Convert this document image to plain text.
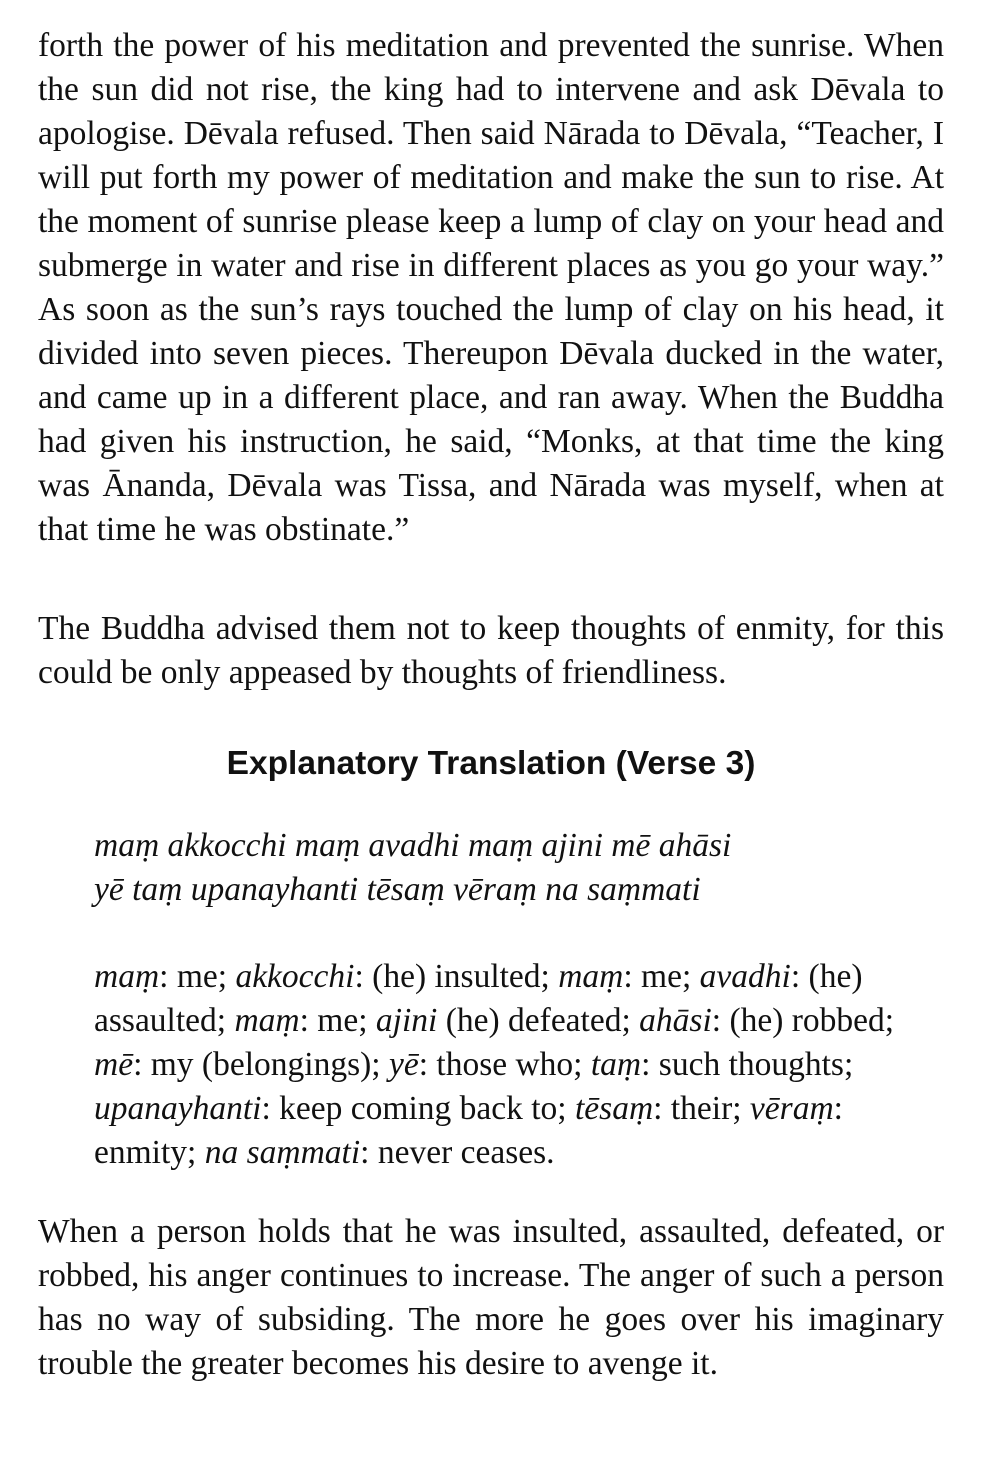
forth the power of his meditation and prevented the sunrise. When the sun did not rise, the king had to intervene and ask Dēvala to apologise. Dēvala refused. Then said Nārada to Dēvala, “Teacher, I will put forth my power of meditation and make the sun to rise. At the moment of sunrise please keep a lump of clay on your head and submerge in water and rise in different places as you go your way.” As soon as the sun’s rays touched the lump of clay on his head, it divided into seven pieces. Thereupon Dēvala ducked in the water, and came up in a different place, and ran away. When the Buddha had given his instruction, he said, “Monks, at that time the king was Ānanda, Dēvala was Tissa, and Nārada was myself, when at that time he was obstinate.”

The Buddha advised them not to keep thoughts of enmity, for this could be only appeased by thoughts of friendliness.

Explanatory Translation (Verse 3)
maṃ akkocchi maṃ avadhi maṃ ajini mē ahāsi
yē taṃ upanayhanti tēsaṃ vēraṃ na saṃmati

maṃ: me; akkocchi: (he) insulted; maṃ: me; avadhi: (he) assaulted; maṃ: me; ajini (he) defeated; ahāsi: (he) robbed; mē: my (belongings); yē: those who; taṃ: such thoughts; upanayhanti: keep coming back to; tēsaṃ: their; vēraṃ: enmity; na saṃmati: never ceases.

When a person holds that he was insulted, assaulted, defeated, or robbed, his anger continues to increase. The anger of such a person has no way of subsiding. The more he goes over his imaginary trouble the greater becomes his desire to avenge it.
